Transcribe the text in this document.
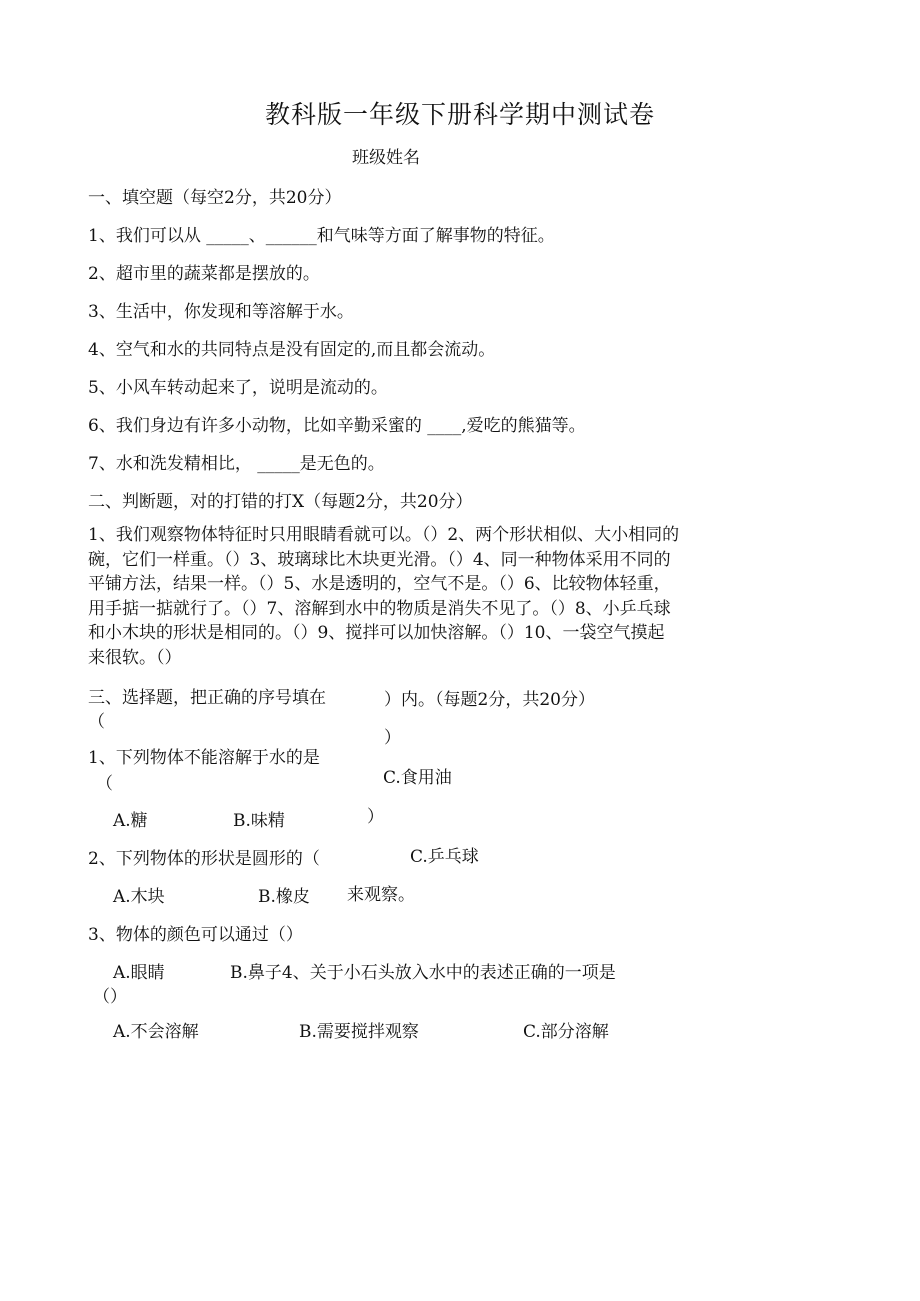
教科版一年级下册科学期中测试卷
班级姓名
一、填空题（每空2分，共20分）
1、我们可以从 _____、______和气味等方面了解事物的特征。
2、超市里的蔬菜都是摆放的。
3、生活中，你发现和等溶解于水。
4、空气和水的共同特点是没有固定的,而且都会流动。
5、小风车转动起来了，说明是流动的。
6、我们身边有许多小动物，比如辛勤采蜜的 ____,爱吃的熊猫等。
7、水和洗发精相比， _____是无色的。
二、判断题，对的打错的打X（每题2分，共20分）
1、我们观察物体特征时只用眼睛看就可以。（）2、两个形状相似、大小相同的碗，它们一样重。（）3、玻璃球比木块更光滑。（）4、同一种物体采用不同的平铺方法，结果一样。（）5、水是透明的，空气不是。（）6、比较物体轻重，用手掂一掂就行了。（）7、溶解到水中的物质是消失不见了。（）8、小乒乓球和小木块的形状是相同的。（）9、搅拌可以加快溶解。（）10、一袋空气摸起来很软。（）
三、选择题，把正确的序号填在	）内。（每题2分，共20分）
（
）
1、下列物体不能溶解于水的是
（	C.食用油
A.糖	B.味精	）
2、下列物体的形状是圆形的（	C.乒乓球
A.木块	B.橡皮 来观察。
3、物体的颜色可以通过（）
A.眼睛	B.鼻子4、关于小石头放入水中的表述正确的一项是
（）
A.不会溶解	B.需要搅拌观察	C.部分溶解
